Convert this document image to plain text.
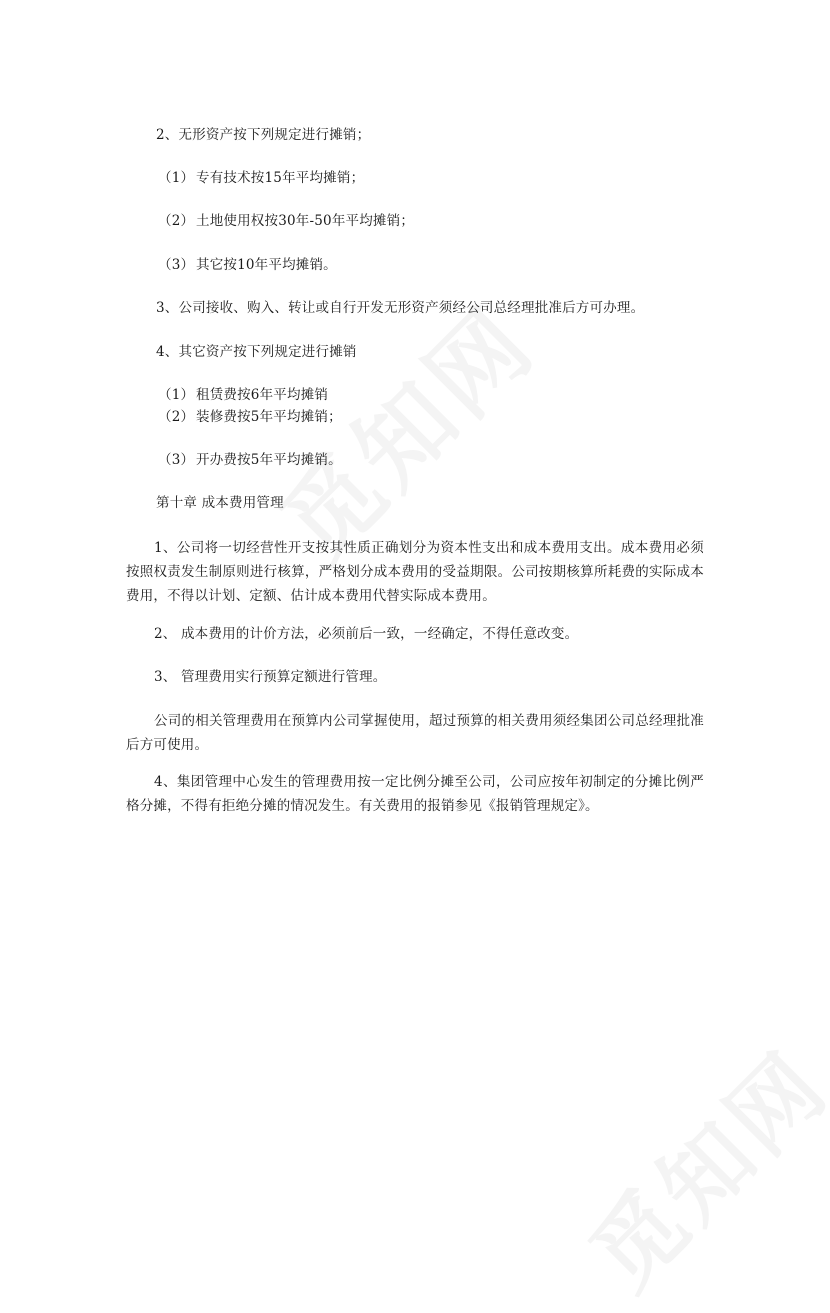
2、无形资产按下列规定进行摊销；
（1） 专有技术按15年平均摊销；
（2） 土地使用权按30年-50年平均摊销；
（3） 其它按10年平均摊销。
3、公司接收、购入、转让或自行开发无形资产须经公司总经理批准后方可办理。
4、其它资产按下列规定进行摊销
（1） 租赁费按6年平均摊销
（2） 装修费按5年平均摊销；
（3） 开办费按5年平均摊销。
第十章 成本费用管理
1、公司将一切经营性开支按其性质正确划分为资本性支出和成本费用支出。成本费用必须按照权责发生制原则进行核算，严格划分成本费用的受益期限。公司按期核算所耗费的实际成本费用，不得以计划、定额、估计成本费用代替实际成本费用。
2、 成本费用的计价方法，必须前后一致，一经确定，不得任意改变。
3、 管理费用实行预算定额进行管理。
公司的相关管理费用在预算内公司掌握使用，超过预算的相关费用须经集团公司总经理批准后方可使用。
4、集团管理中心发生的管理费用按一定比例分摊至公司，公司应按年初制定的分摊比例严格分摊，不得有拒绝分摊的情况发生。有关费用的报销参见《报销管理规定》。
